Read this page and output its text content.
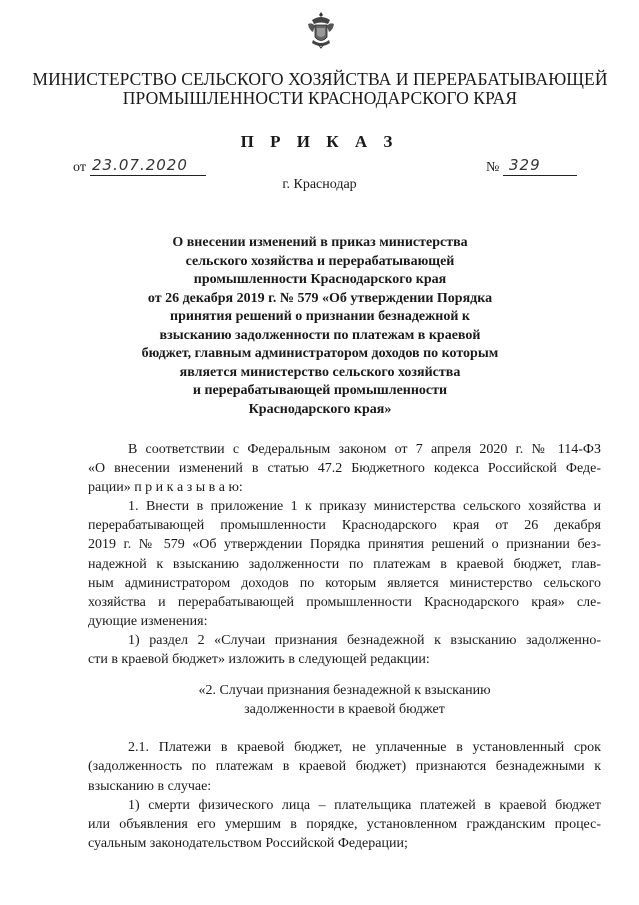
МИНИСТЕРСТВО СЕЛЬСКОГО ХОЗЯЙСТВА И ПЕРЕРАБАТЫВАЮЩЕЙ
ПРОМЫШЛЕННОСТИ КРАСНОДАРСКОГО КРАЯ
П Р И К А З
от 23.07.2020	№ 329
г. Краснодар
О внесении изменений в приказ министерства
сельского хозяйства и перерабатывающей
промышленности Краснодарского края
от 26 декабря 2019 г. № 579 «Об утверждении Порядка
принятия решений о признании безнадежной к
взысканию задолженности по платежам в краевой
бюджет, главным администратором доходов по которым
является министерство сельского хозяйства
и перерабатывающей промышленности
Краснодарского края»
В соответствии с Федеральным законом от 7 апреля 2020 г. № 114-ФЗ
«О внесении изменений в статью 47.2 Бюджетного кодекса Российской Феде-
рации» п р и к а з ы в а ю:
1. Внести в приложение 1 к приказу министерства сельского хозяйства и
перерабатывающей промышленности Краснодарского края от 26 декабря
2019 г. № 579 «Об утверждении Порядка принятия решений о признании без-
надежной к взысканию задолженности по платежам в краевой бюджет, глав-
ным администратором доходов по которым является министерство сельского
хозяйства и перерабатывающей промышленности Краснодарского края» сле-
дующие изменения:
1) раздел 2 «Случаи признания безнадежной к взысканию задолженно-
сти в краевой бюджет» изложить в следующей редакции:
«2. Случаи признания безнадежной к взысканию
задолженности в краевой бюджет
2.1. Платежи в краевой бюджет, не уплаченные в установленный срок
(задолженность по платежам в краевой бюджет) признаются безнадежными к
взысканию в случае:
1) смерти физического лица – плательщика платежей в краевой бюджет
или объявления его умершим в порядке, установленном гражданским процес-
суальным законодательством Российской Федерации;
